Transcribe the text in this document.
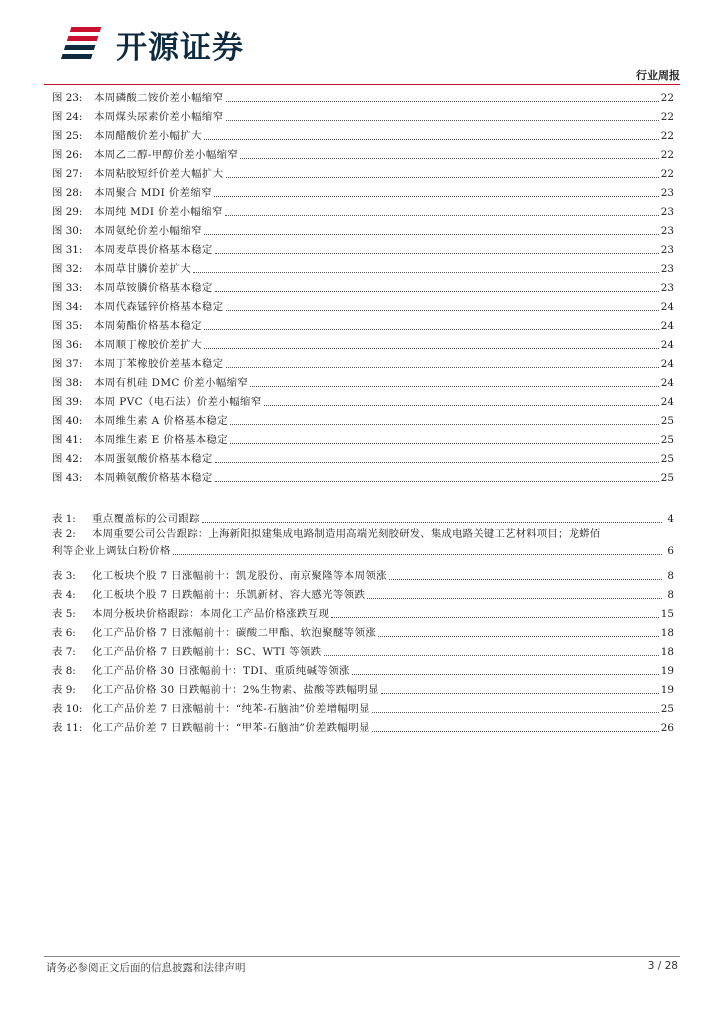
开源证券
行业周报
图 23:	本周磷酸二铵价差小幅缩窄	22
图 24:	本周煤头尿素价差小幅缩窄	22
图 25:	本周醋酸价差小幅扩大	22
图 26:	本周乙二醇-甲醇价差小幅缩窄	22
图 27:	本周粘胶短纤价差大幅扩大	22
图 28:	本周聚合 MDI 价差缩窄	23
图 29:	本周纯 MDI 价差小幅缩窄	23
图 30:	本周氨纶价差小幅缩窄	23
图 31:	本周麦草畏价格基本稳定	23
图 32:	本周草甘膦价差扩大	23
图 33:	本周草铵膦价格基本稳定	23
图 34:	本周代森锰锌价格基本稳定	24
图 35:	本周菊酯价格基本稳定	24
图 36:	本周顺丁橡胶价差扩大	24
图 37:	本周丁苯橡胶价差基本稳定	24
图 38:	本周有机硅 DMC 价差小幅缩窄	24
图 39:	本周 PVC（电石法）价差小幅缩窄	24
图 40:	本周维生素 A 价格基本稳定	25
图 41:	本周维生素 E 价格基本稳定	25
图 42:	本周蛋氨酸价格基本稳定	25
图 43:	本周赖氨酸价格基本稳定	25
表 1:	重点覆盖标的公司跟踪	4
表 2:	本周重要公司公告跟踪：上海新阳拟建集成电路制造用高端光刻胶研发、集成电路关键工艺材料项目；龙蟒佰
利等企业上调钛白粉价格	6
表 3:	化工板块个股 7 日涨幅前十：凯龙股份、南京聚隆等本周领涨	8
表 4:	化工板块个股 7 日跌幅前十：乐凯新材、容大感光等领跌	8
表 5:	本周分板块价格跟踪：本周化工产品价格涨跌互现	15
表 6:	化工产品价格 7 日涨幅前十：碳酸二甲酯、软泡聚醚等领涨	18
表 7:	化工产品价格 7 日跌幅前十：SC、WTI 等领跌	18
表 8:	化工产品价格 30 日涨幅前十：TDI、重质纯碱等领涨	19
表 9:	化工产品价格 30 日跌幅前十：2%生物素、盐酸等跌幅明显	19
表 10: 化工产品价差 7 日涨幅前十：“纯苯-石脑油”价差增幅明显	25
表 11: 化工产品价差 7 日跌幅前十：“甲苯-石脑油”价差跌幅明显	26
请务必参阅正文后面的信息披露和法律声明	3 / 28
